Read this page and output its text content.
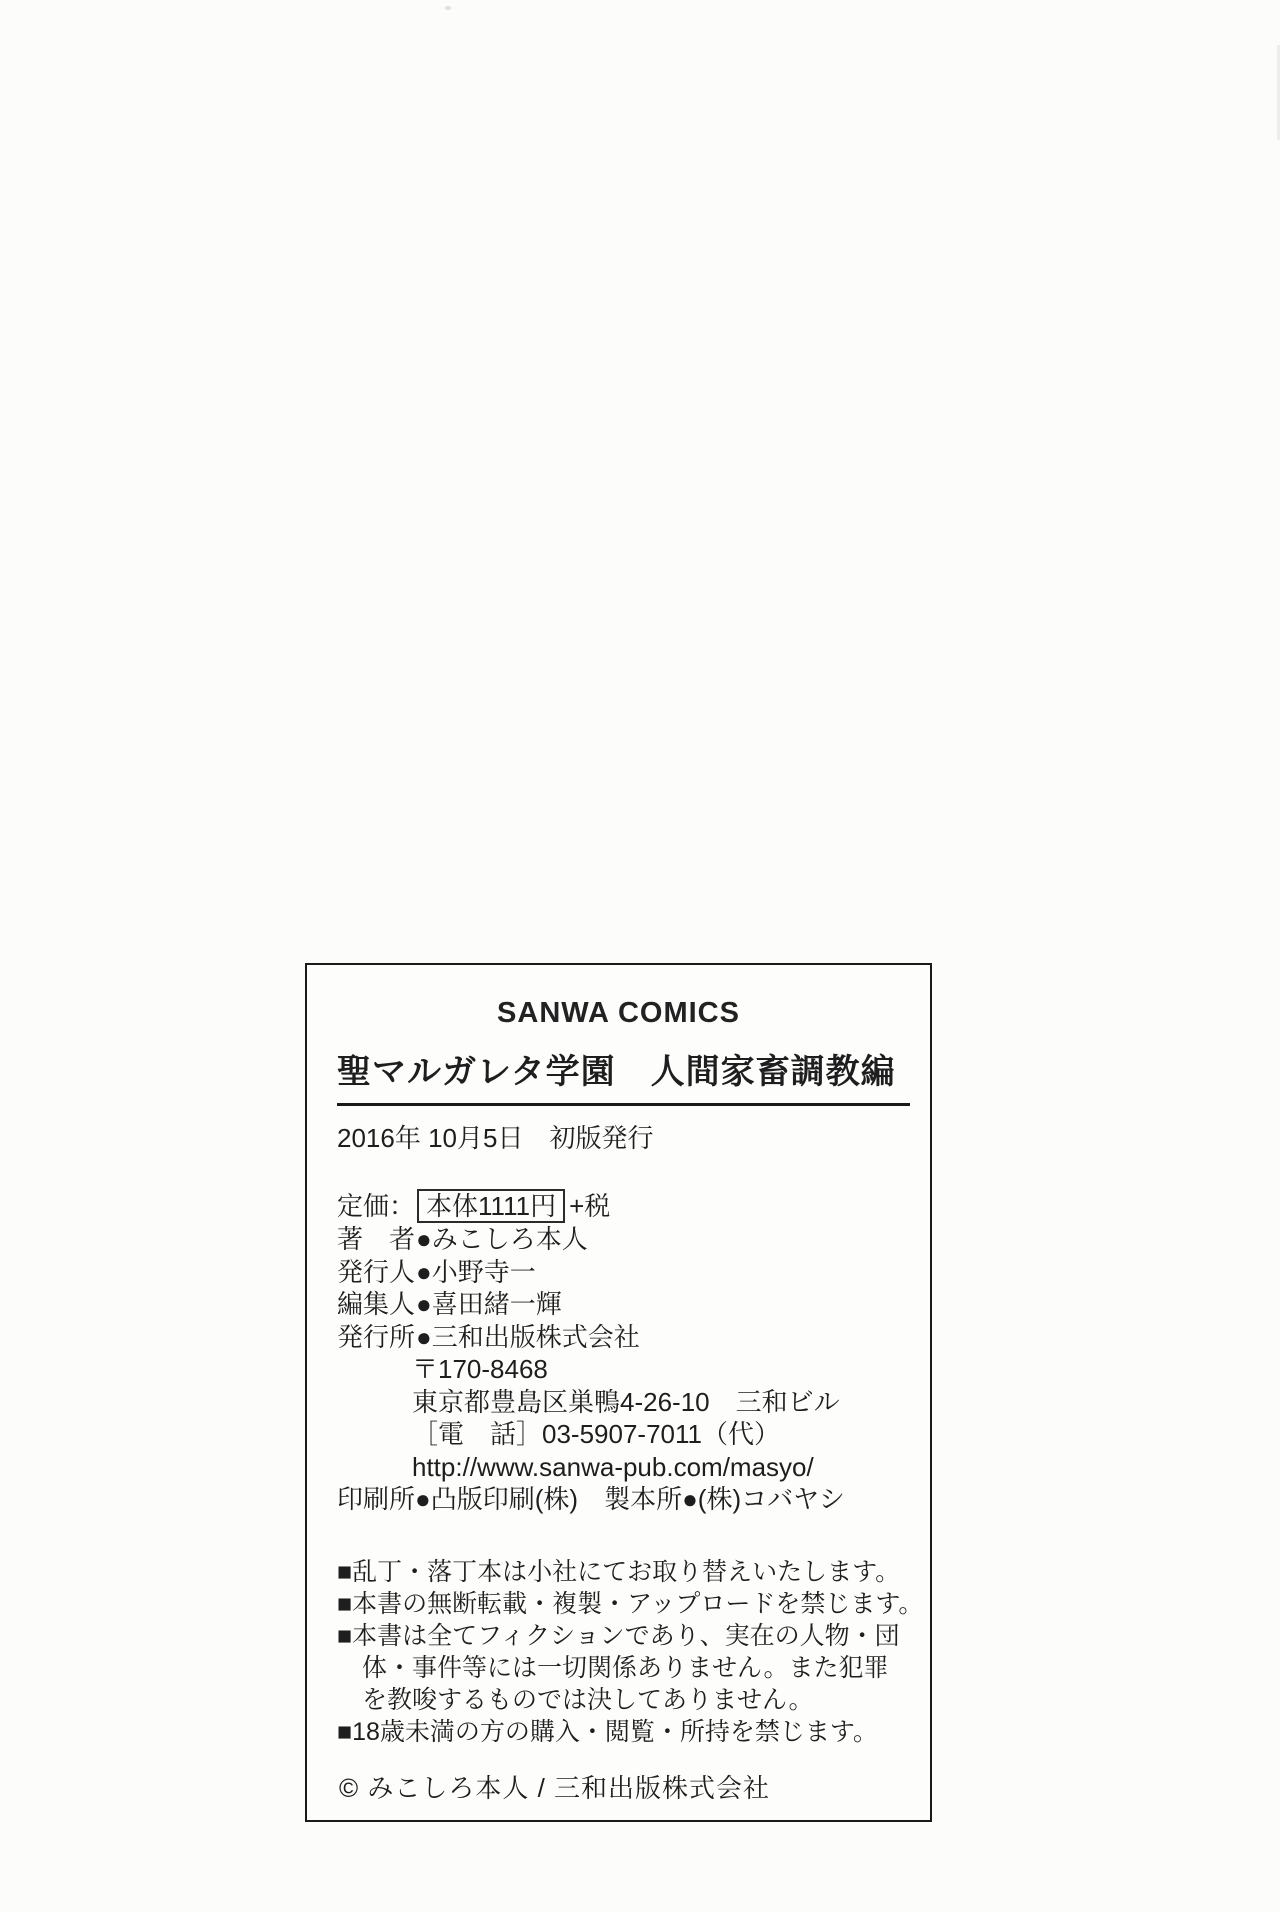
SANWA COMICS
聖マルガレタ学園　人間家畜調教編
2016年 10月5日　初版発行
定価： 本体1111円 +税
著　者●みこしろ本人
発行人●小野寺一
編集人●喜田緒一輝
発行所●三和出版株式会社
〒170-8468
東京都豊島区巣鴨4-26-10　三和ビル
［電　話］03-5907-7011（代）
http://www.sanwa-pub.com/masyo/
印刷所●凸版印刷(株) 製本所●(株)コバヤシ
■乱丁・落丁本は小社にてお取り替えいたします。
■本書の無断転載・複製・アップロードを禁じます。
■本書は全てフィクションであり、実在の人物・団
体・事件等には一切関係ありません。また犯罪
を教唆するものでは決してありません。
■18歳未満の方の購入・閲覧・所持を禁じます。
© みこしろ本人 / 三和出版株式会社
